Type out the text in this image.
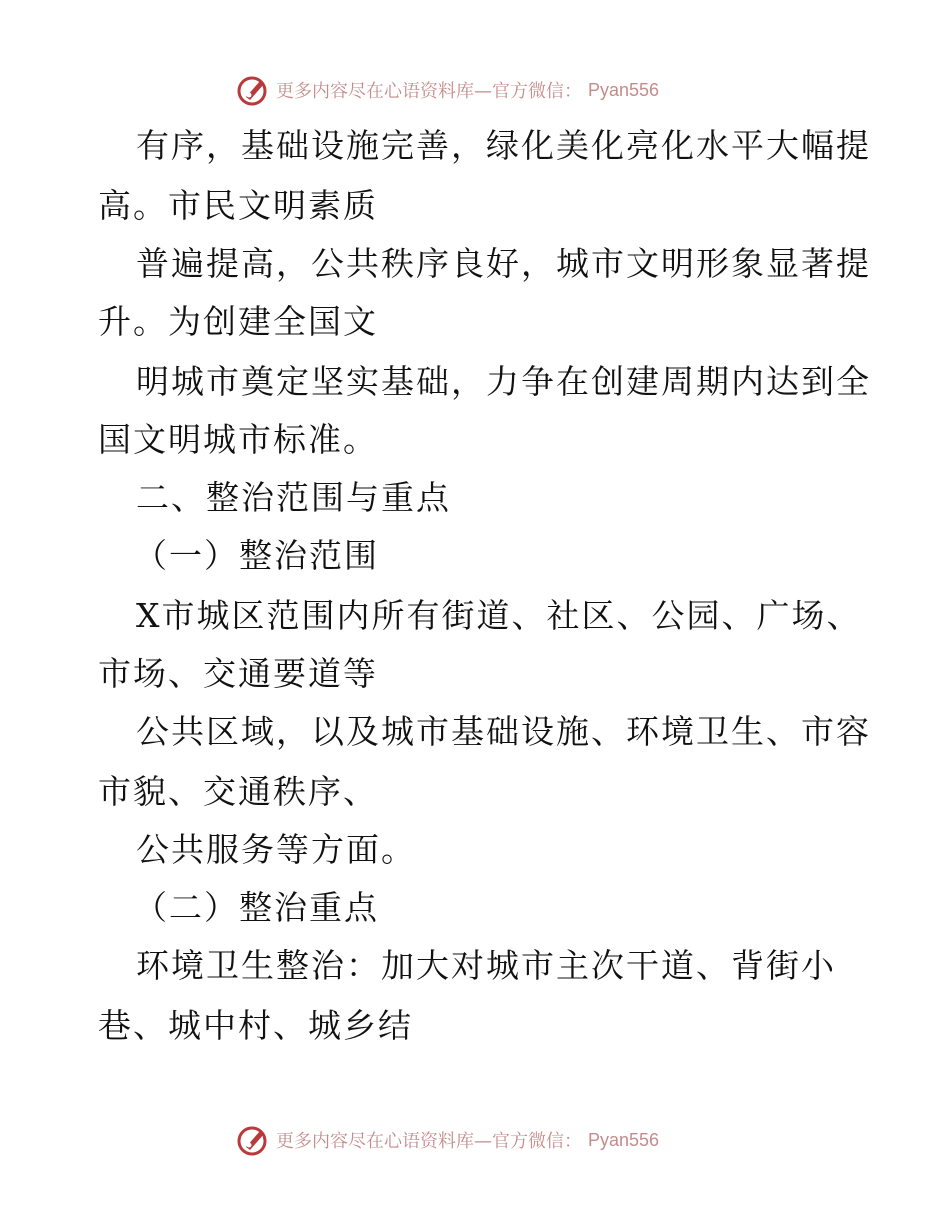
更多内容尽在心语资料库—官方微信： Pyan556
有序，基础设施完善，绿化美化亮化水平大幅提
高。市民文明素质
普遍提高，公共秩序良好，城市文明形象显著提
升。为创建全国文
明城市奠定坚实基础，力争在创建周期内达到全
国文明城市标准。
二、整治范围与重点
（一）整治范围
X市城区范围内所有街道、社区、公园、广场、
市场、交通要道等
公共区域，以及城市基础设施、环境卫生、市容
市貌、交通秩序、
公共服务等方面。
（二）整治重点
环境卫生整治：加大对城市主次干道、背街小
巷、城中村、城乡结
更多内容尽在心语资料库—官方微信： Pyan556
